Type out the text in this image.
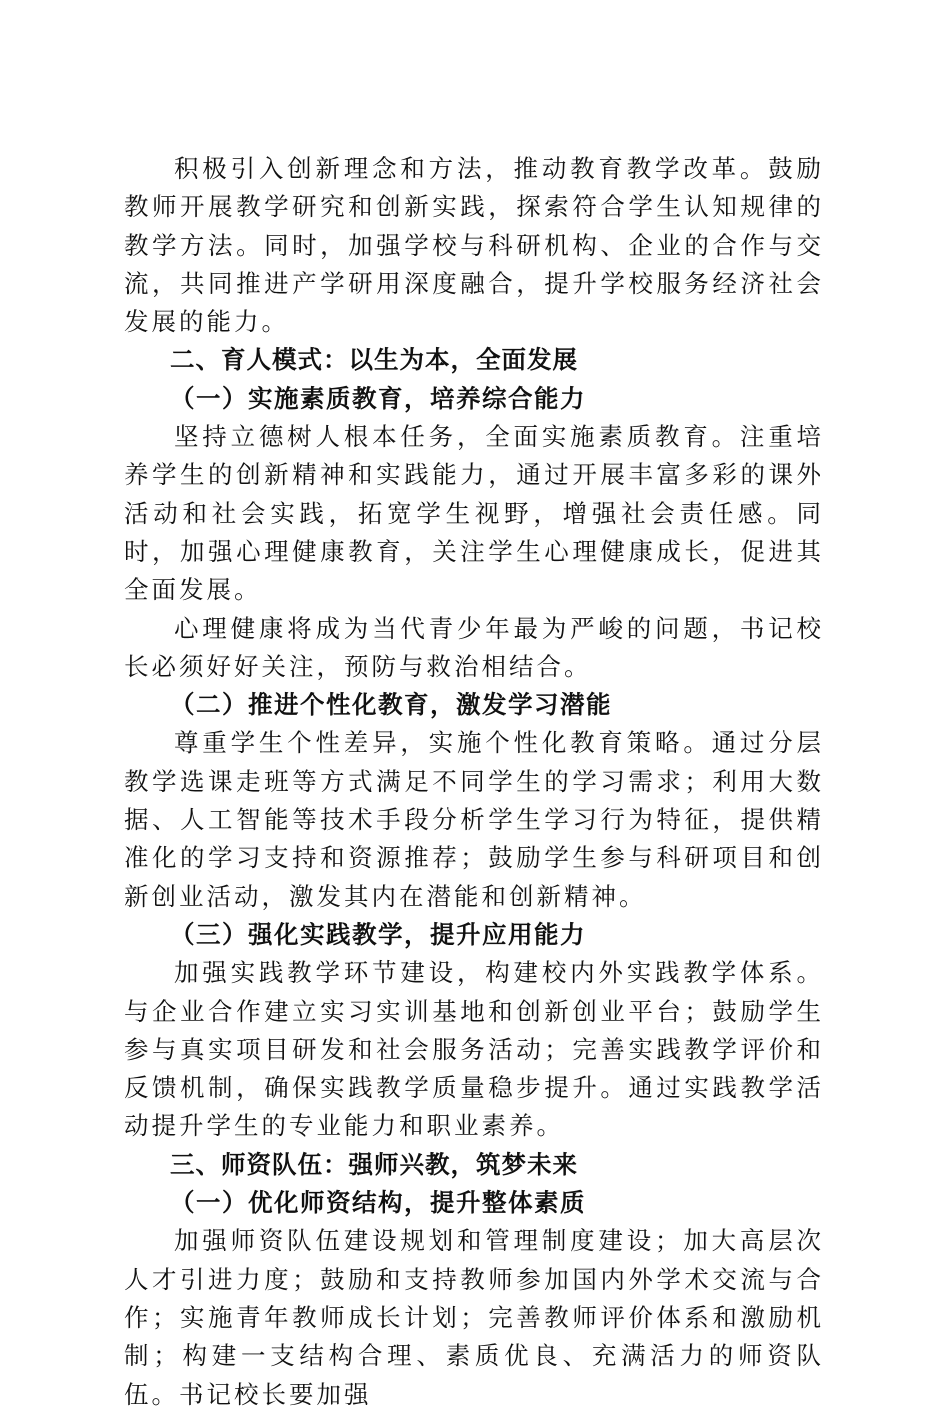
积极引入创新理念和方法，推动教育教学改革。鼓励教师开展教学研究和创新实践，探索符合学生认知规律的教学方法。同时，加强学校与科研机构、企业的合作与交流，共同推进产学研用深度融合，提升学校服务经济社会发展的能力。

二、育人模式：以生为本，全面发展
（一）实施素质教育，培养综合能力

坚持立德树人根本任务，全面实施素质教育。注重培养学生的创新精神和实践能力，通过开展丰富多彩的课外活动和社会实践，拓宽学生视野，增强社会责任感。同时，加强心理健康教育，关注学生心理健康成长，促进其全面发展。

心理健康将成为当代青少年最为严峻的问题，书记校长必须好好关注，预防与救治相结合。

（二）推进个性化教育，激发学习潜能

尊重学生个性差异，实施个性化教育策略。通过分层教学选课走班等方式满足不同学生的学习需求；利用大数据、人工智能等技术手段分析学生学习行为特征，提供精准化的学习支持和资源推荐；鼓励学生参与科研项目和创新创业活动，激发其内在潜能和创新精神。

（三）强化实践教学，提升应用能力

加强实践教学环节建设，构建校内外实践教学体系。与企业合作建立实习实训基地和创新创业平台；鼓励学生参与真实项目研发和社会服务活动；完善实践教学评价和反馈机制，确保实践教学质量稳步提升。通过实践教学活动提升学生的专业能力和职业素养。

三、师资队伍：强师兴教，筑梦未来
（一）优化师资结构，提升整体素质

加强师资队伍建设规划和管理制度建设；加大高层次人才引进力度；鼓励和支持教师参加国内外学术交流与合作；实施青年教师成长计划；完善教师评价体系和激励机制；构建一支结构合理、素质优良、充满活力的师资队伍。书记校长要加强
